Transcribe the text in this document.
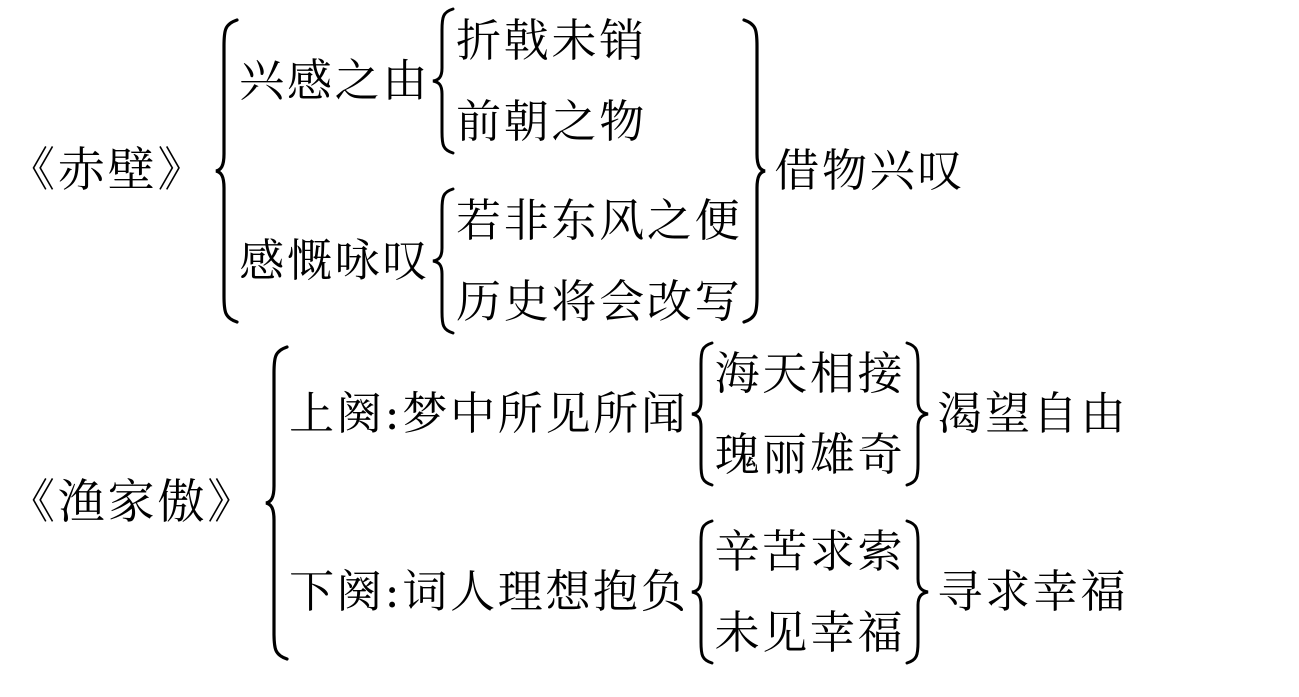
《赤壁》
兴感之由
折戟未销
前朝之物
感慨咏叹
若非东风之便
历史将会改写
借物兴叹
《渔家傲》
上阕:梦中所见所闻
海天相接
瑰丽雄奇
渴望自由
下阕:词人理想抱负
辛苦求索
未见幸福
寻求幸福
